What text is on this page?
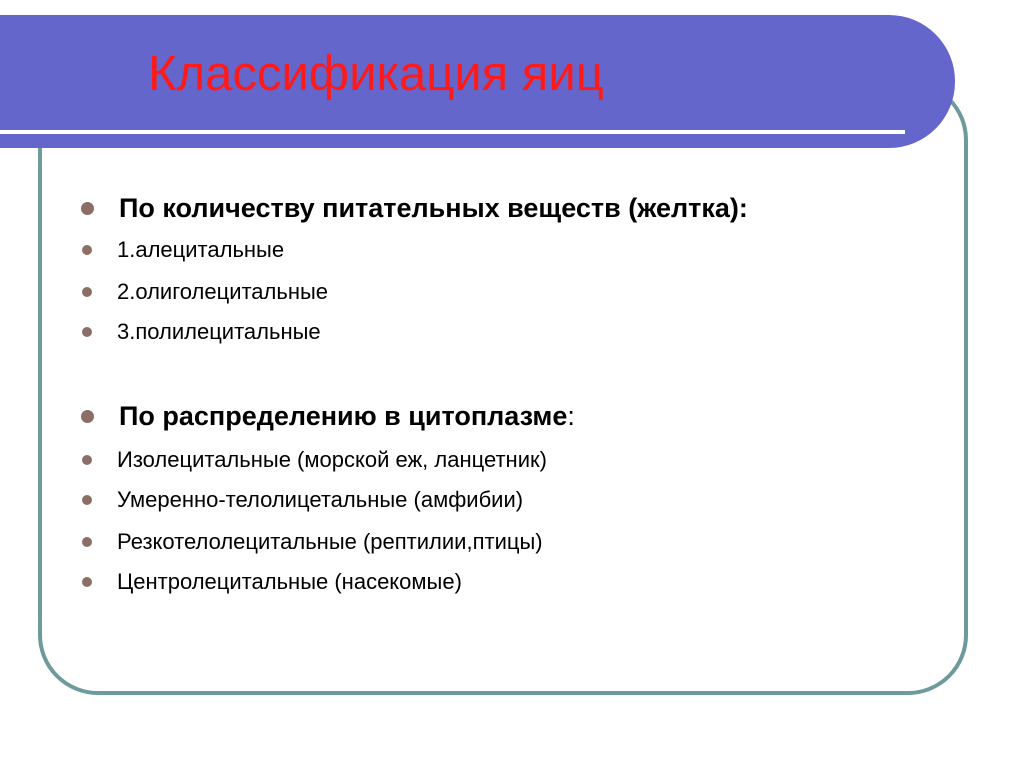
Классификация яиц
По количеству питательных веществ (желтка):
1.алецитальные
2.олиголецитальные
3.полилецитальные
По распределению в цитоплазме:
Изолецитальные (морской еж, ланцетник)
Умеренно-телолицетальные (амфибии)
Резкотелолецитальные (рептилии,птицы)
Центролецитальные (насекомые)
